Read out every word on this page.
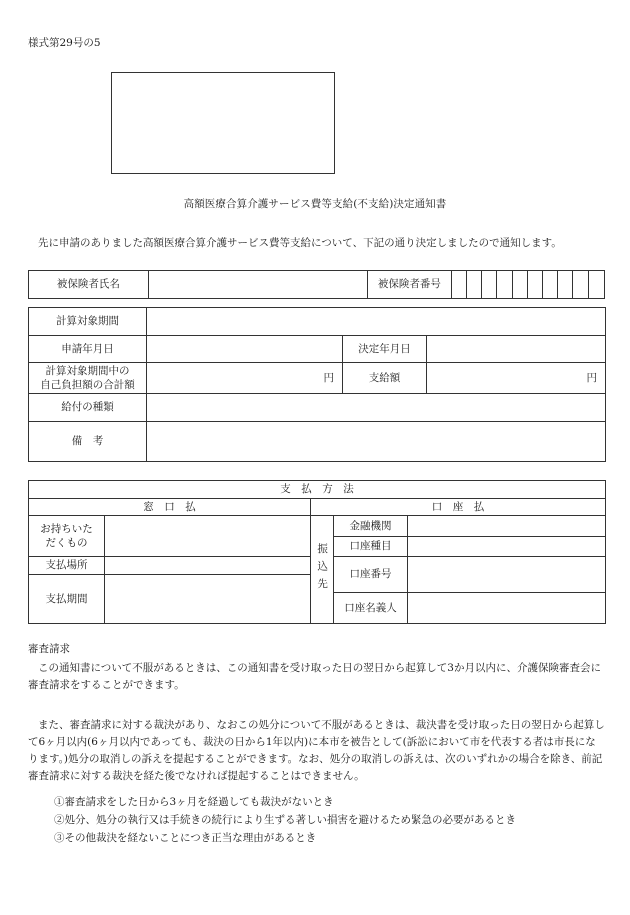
様式第29号の5
高額医療合算介護サービス費等支給(不支給)決定通知書
先に申請のありました高額医療合算介護サービス費等支給について、下記の通り決定しましたので通知します。
被保険者氏名		被保険者番号										
計算対象期間			
申請年月日		決定年月日	
計算対象期間中の
自己負担額の合計額	円	支給額	円
給付の種類			
備　考			
支　払　方　法				
窓　口　払		口　座　払		
お持ちいた
だくもの		振込先	金融機関	
			口座種目	
支払場所			口座番号	
支払期間				
			口座名義人	
審査請求
この通知書について不服があるときは、この通知書を受け取った日の翌日から起算して3か月以内に、介護保険審査会に審査請求をすることができます。
また、審査請求に対する裁決があり、なおこの処分について不服があるときは、裁決書を受け取った日の翌日から起算して6ヶ月以内(6ヶ月以内であっても、裁決の日から1年以内)に本市を被告として(訴訟において市を代表する者は市長になります。)処分の取消しの訴えを提起することができます。なお、処分の取消しの訴えは、次のいずれかの場合を除き、前記審査請求に対する裁決を経た後でなければ提起することはできません。
①審査請求をした日から3ヶ月を経過しても裁決がないとき
②処分、処分の執行又は手続きの続行により生ずる著しい損害を避けるため緊急の必要があるとき
③その他裁決を経ないことにつき正当な理由があるとき
